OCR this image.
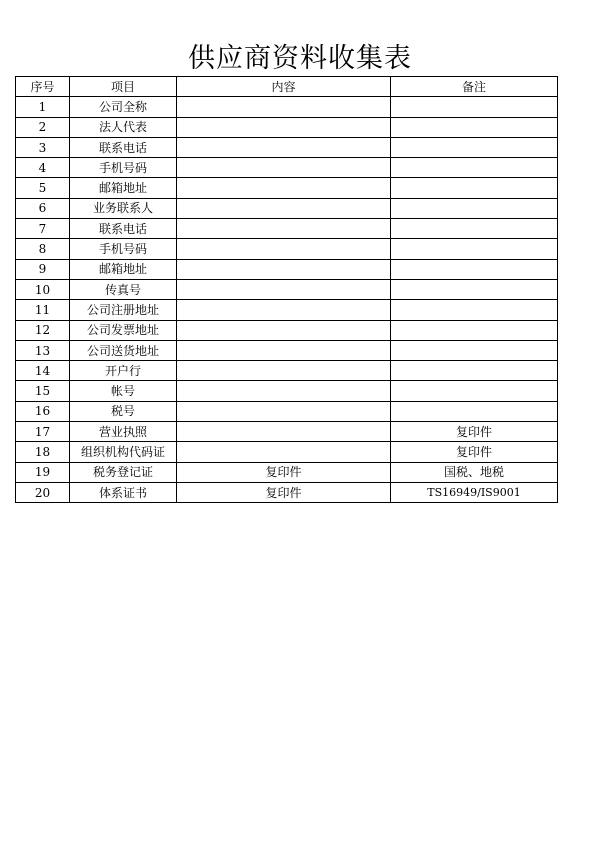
供应商资料收集表
序号	项目	内容	备注
1	公司全称		
2	法人代表		
3	联系电话		
4	手机号码		
5	邮箱地址		
6	业务联系人		
7	联系电话		
8	手机号码		
9	邮箱地址		
10	传真号		
11	公司注册地址		
12	公司发票地址		
13	公司送货地址		
14	开户行		
15	帐号		
16	税号		
17	营业执照		复印件
18	组织机构代码证		复印件
19	税务登记证	复印件	国税、地税
20	体系证书	复印件	TS16949/IS9001
